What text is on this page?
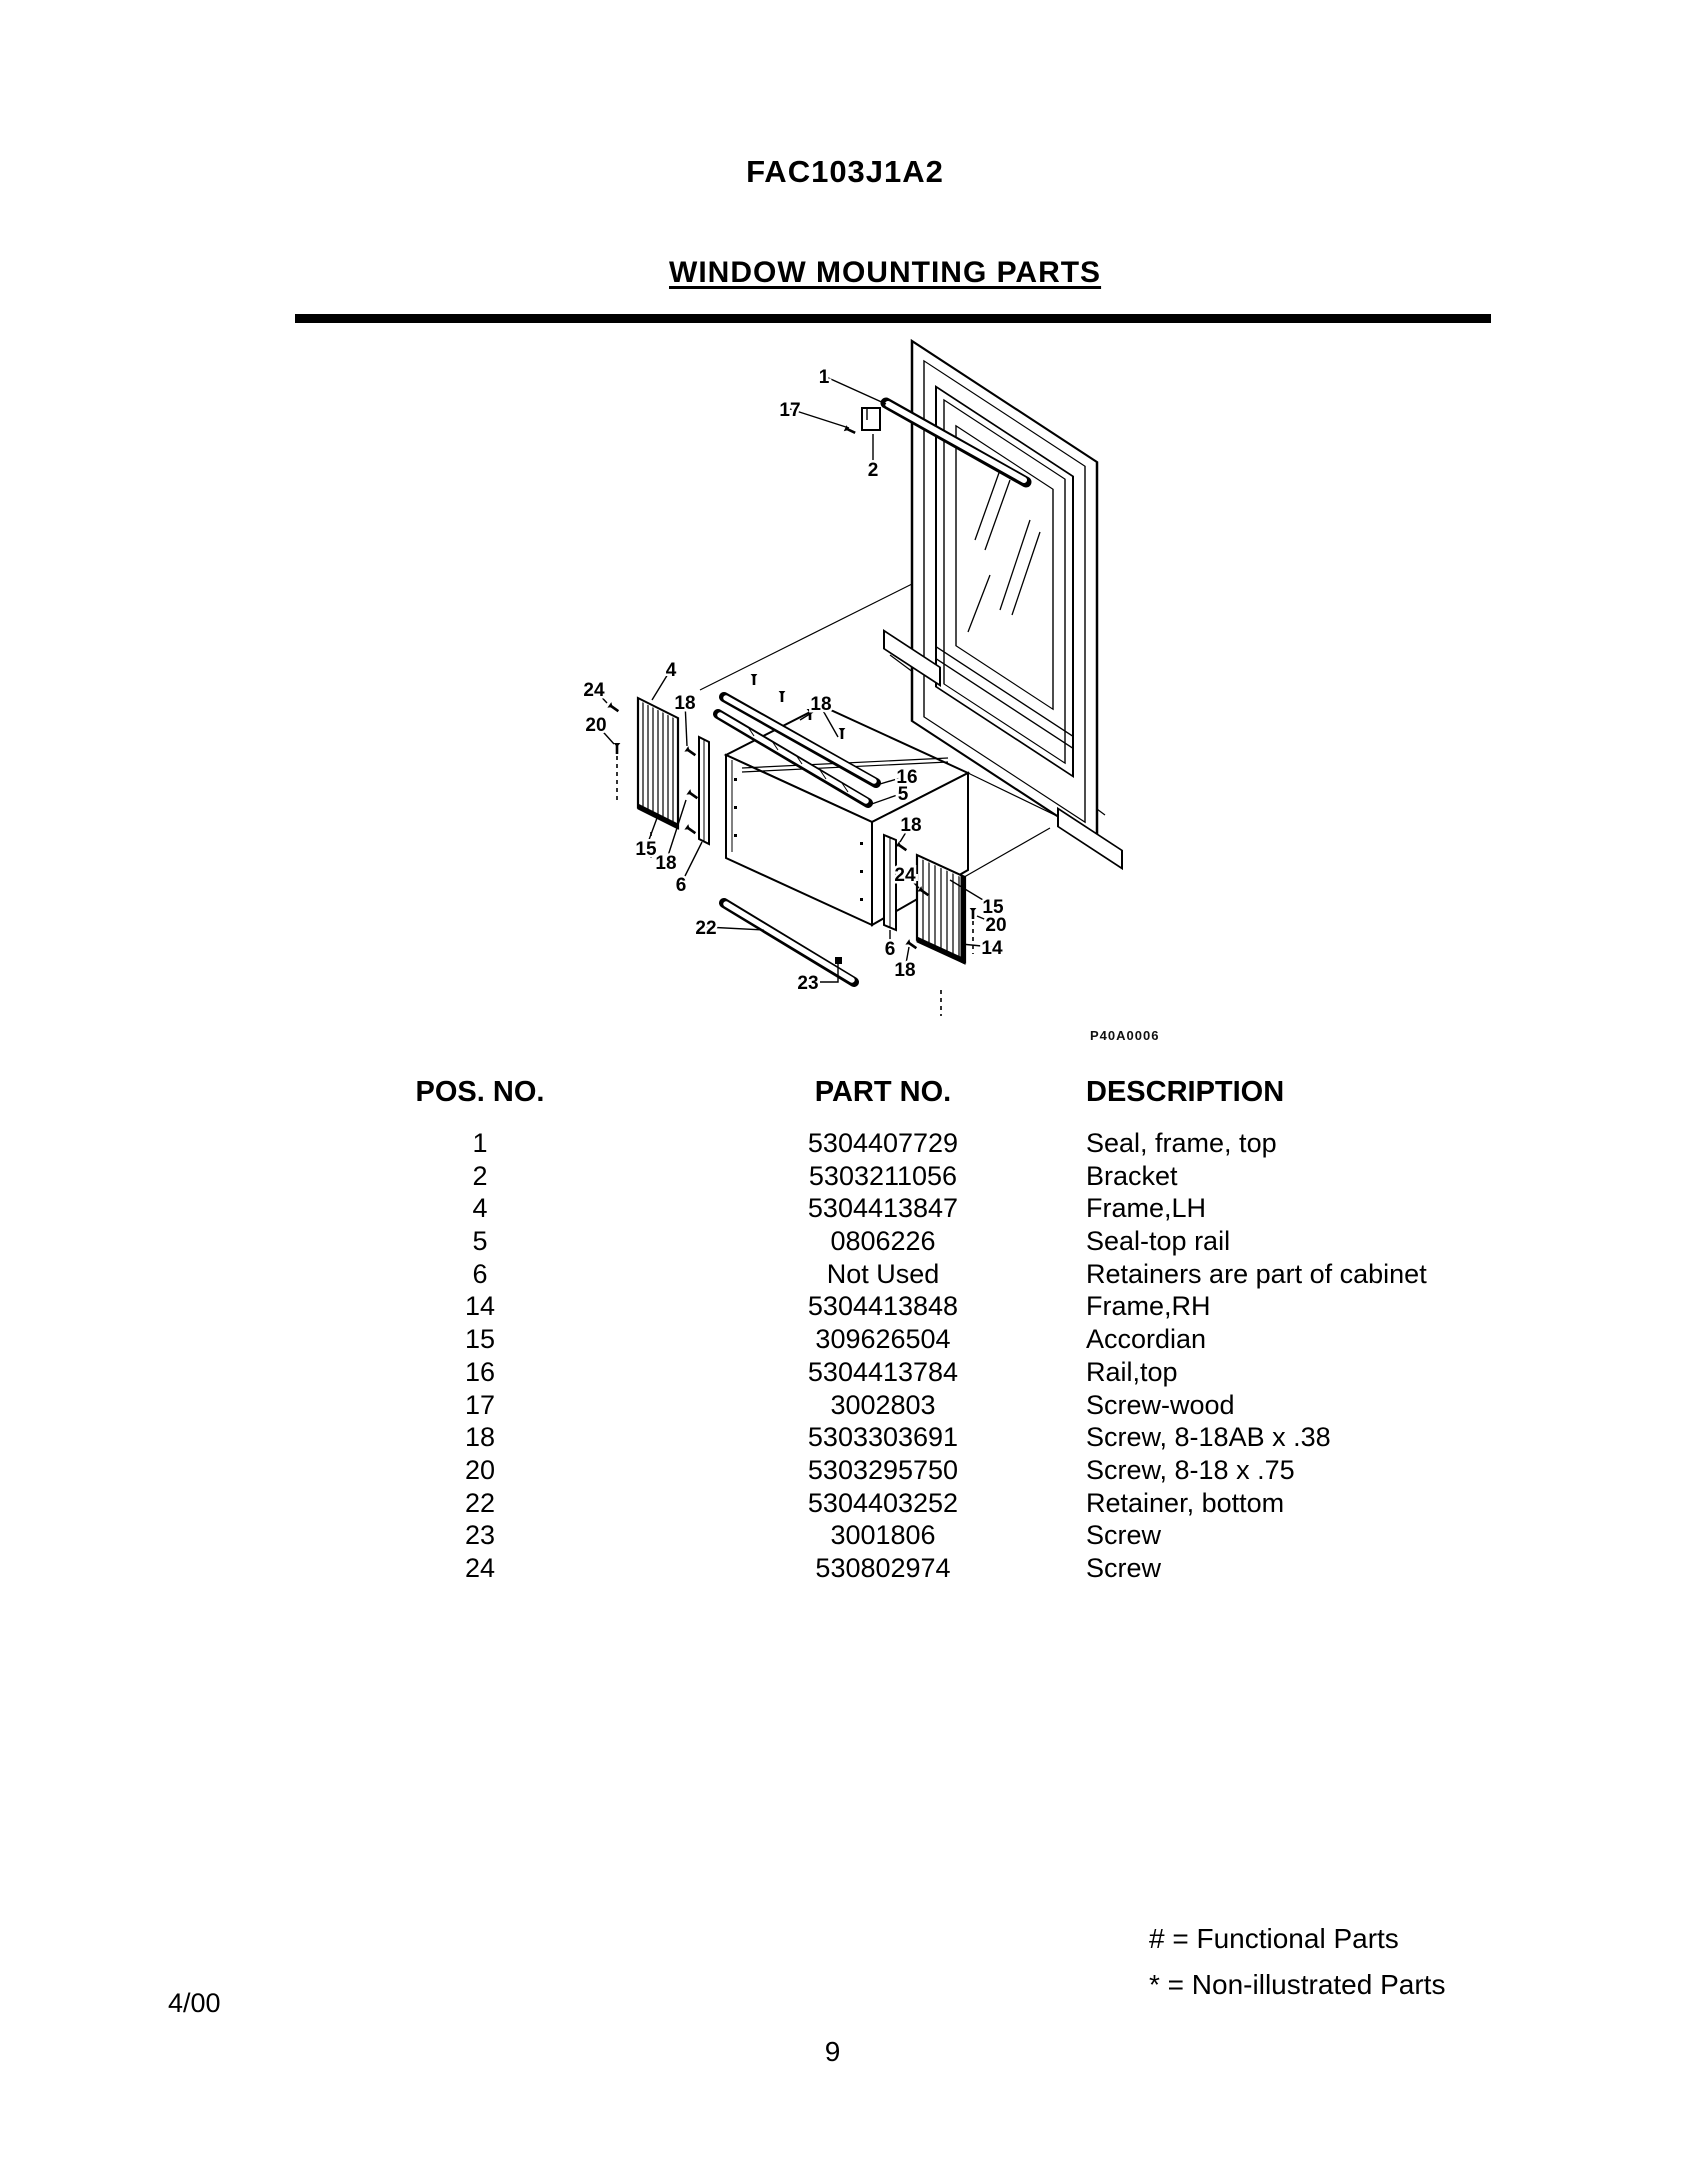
FAC103J1A2
WINDOW MOUNTING PARTS
1
17
2
24
20
4
18
15
18
6
18
16
5
18
24
15
20
14
6
18
22
23
P40A0006
POS. NO.	PART NO.	DESCRIPTION
1	5304407729	Seal, frame, top
2	5303211056	Bracket
4	5304413847	Frame,LH
5	0806226	Seal-top rail
6	Not Used	Retainers are part of cabinet
14	5304413848	Frame,RH
15	309626504	Accordian
16	5304413784	Rail,top
17	3002803	Screw-wood
18	5303303691	Screw, 8-18AB x .38
20	5303295750	Screw, 8-18 x .75
22	5304403252	Retainer, bottom
23	3001806	Screw
24	530802974	Screw
# = Functional Parts
* = Non-illustrated Parts
4/00
9
